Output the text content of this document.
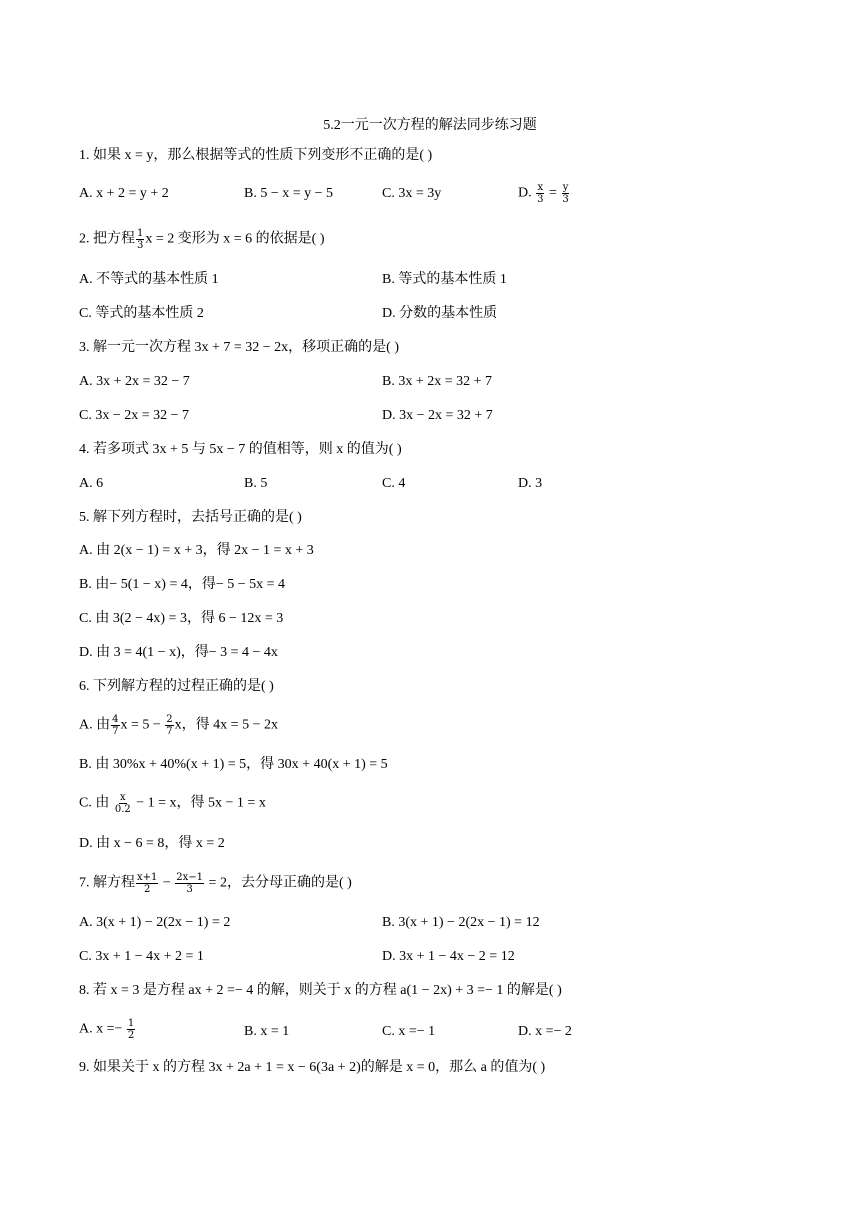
5.2一元一次方程的解法同步练习题
1. 如果 x = y，那么根据等式的性质下列变形不正确的是( )
A. x + 2 = y + 2	B. 5 − x = y − 5	C. 3x = 3y	D. $\frac{x}{3} = \frac{y}{3}$
2. 把方程 $\frac{1}{3}$ x = 2 变形为 x = 6 的依据是( )
A. 不等式的基本性质 1	B. 等式的基本性质 1
C. 等式的基本性质 2	D. 分数的基本性质
3. 解一元一次方程 3x + 7 = 32 − 2x，移项正确的是( )
A. 3x + 2x = 32 − 7	B. 3x + 2x = 32 + 7
C. 3x − 2x = 32 − 7	D. 3x − 2x = 32 + 7
4. 若多项式 3x + 5 与 5x − 7 的值相等，则 x 的值为( )
A. 6	B. 5	C. 4	D. 3
5. 解下列方程时，去括号正确的是( )
A. 由 2(x − 1) = x + 3，得 2x − 1 = x + 3
B. 由− 5(1 − x) = 4，得− 5 − 5x = 4
C. 由 3(2 − 4x) = 3，得 6 − 12x = 3
D. 由 3 = 4(1 − x)，得− 3 = 4 − 4x
6. 下列解方程的过程正确的是( )
A. 由 $\frac{4}{7}$ $x = 5 - \frac{2}{7}$ x，得 4x = 5 − 2x
B. 由 30%x + 40%(x + 1) = 5，得 30x + 40(x + 1) = 5
C. 由 $\frac{x}{0.2} - 1 = x$，得 5x − 1 = x
D. 由 x − 6 = 8，得 x = 2
7. 解方程 $\frac{x+1}{2} - \frac{2x-1}{3} = 2$，去分母正确的是( )
A. 3(x + 1) − 2(2x − 1) = 2	B. 3(x + 1) − 2(2x − 1) = 12
C. 3x + 1 − 4x + 2 = 1	D. 3x + 1 − 4x − 2 = 12
8. 若 x = 3 是方程 ax + 2 =− 4 的解，则关于 x 的方程 a(1 − 2x) + 3 =− 1 的解是( )
A. $x =- \frac{1}{2}$	B. x = 1	C. x =− 1	D. x =− 2
9. 如果关于 x 的方程 3x + 2a + 1 = x − 6(3a + 2)的解是 x = 0，那么 a 的值为( )
